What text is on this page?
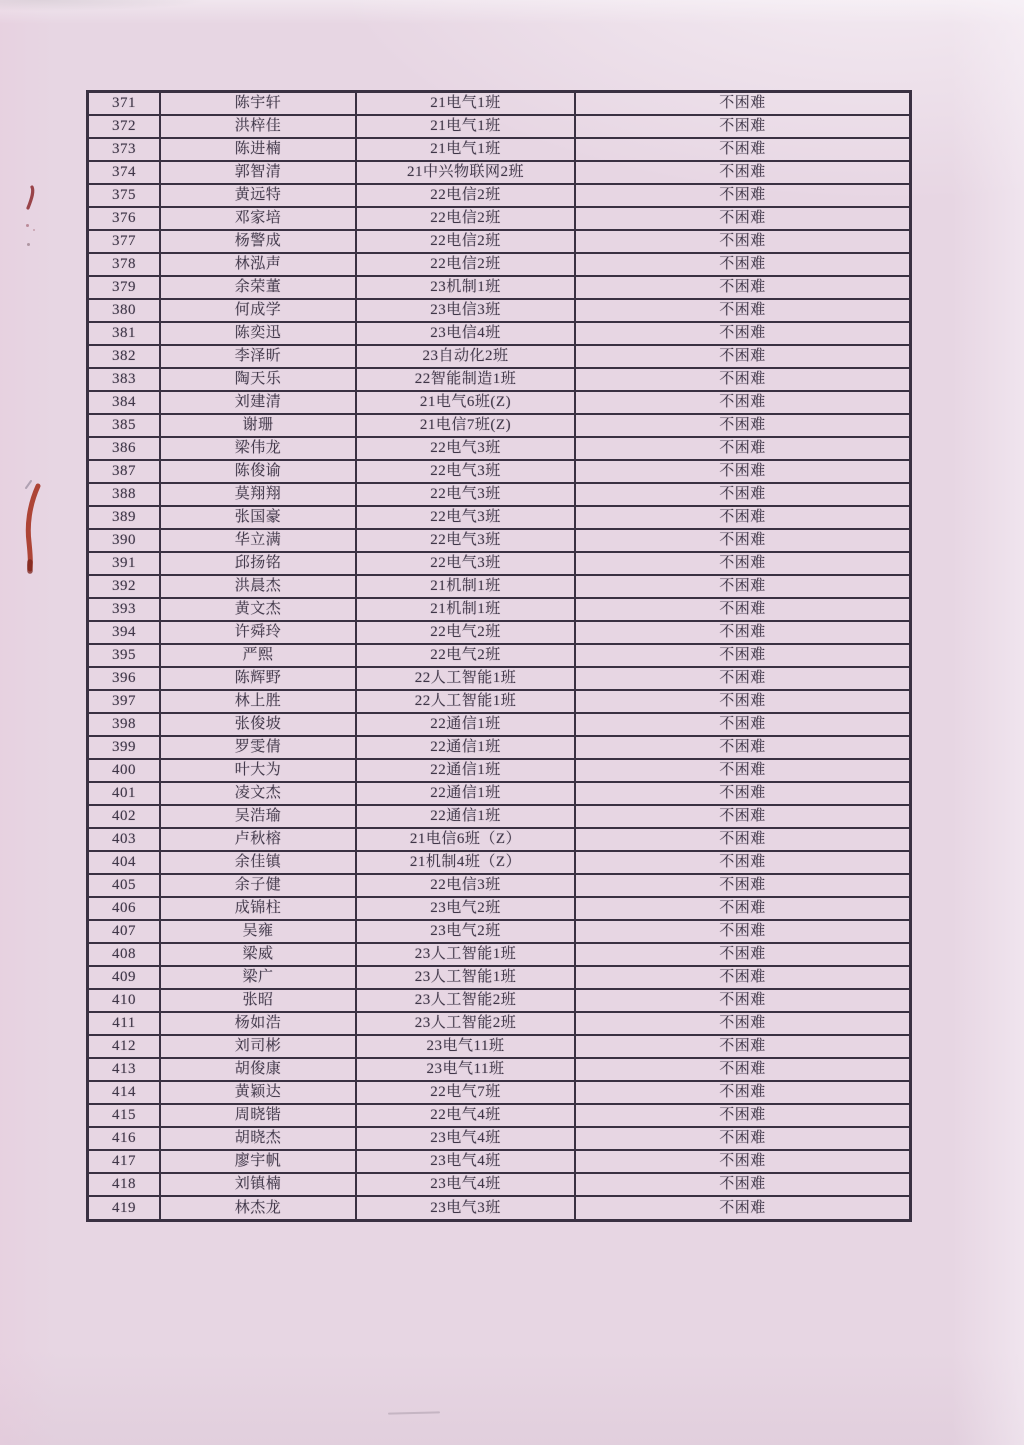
371	陈宇轩	21电气1班	不困难
372	洪梓佳	21电气1班	不困难
373	陈进楠	21电气1班	不困难
374	郭智清	21中兴物联网2班	不困难
375	黄远特	22电信2班	不困难
376	邓家培	22电信2班	不困难
377	杨警成	22电信2班	不困难
378	林泓声	22电信2班	不困难
379	余荣董	23机制1班	不困难
380	何成学	23电信3班	不困难
381	陈奕迅	23电信4班	不困难
382	李泽昕	23自动化2班	不困难
383	陶天乐	22智能制造1班	不困难
384	刘建清	21电气6班(Z)	不困难
385	谢珊	21电信7班(Z)	不困难
386	梁伟龙	22电气3班	不困难
387	陈俊谕	22电气3班	不困难
388	莫翔翔	22电气3班	不困难
389	张国豪	22电气3班	不困难
390	华立满	22电气3班	不困难
391	邱扬铭	22电气3班	不困难
392	洪晨杰	21机制1班	不困难
393	黄文杰	21机制1班	不困难
394	许舜玲	22电气2班	不困难
395	严熙	22电气2班	不困难
396	陈辉野	22人工智能1班	不困难
397	林上胜	22人工智能1班	不困难
398	张俊坡	22通信1班	不困难
399	罗雯倩	22通信1班	不困难
400	叶大为	22通信1班	不困难
401	凌文杰	22通信1班	不困难
402	吴浩瑜	22通信1班	不困难
403	卢秋榕	21电信6班（Z）	不困难
404	余佳镇	21机制4班（Z）	不困难
405	余子健	22电信3班	不困难
406	成锦柱	23电气2班	不困难
407	吴雍	23电气2班	不困难
408	梁威	23人工智能1班	不困难
409	梁广	23人工智能1班	不困难
410	张昭	23人工智能2班	不困难
411	杨如浩	23人工智能2班	不困难
412	刘司彬	23电气11班	不困难
413	胡俊康	23电气11班	不困难
414	黄颖达	22电气7班	不困难
415	周晓锴	22电气4班	不困难
416	胡晓杰	23电气4班	不困难
417	廖宇帆	23电气4班	不困难
418	刘镇楠	23电气4班	不困难
419	林杰龙	23电气3班	不困难
